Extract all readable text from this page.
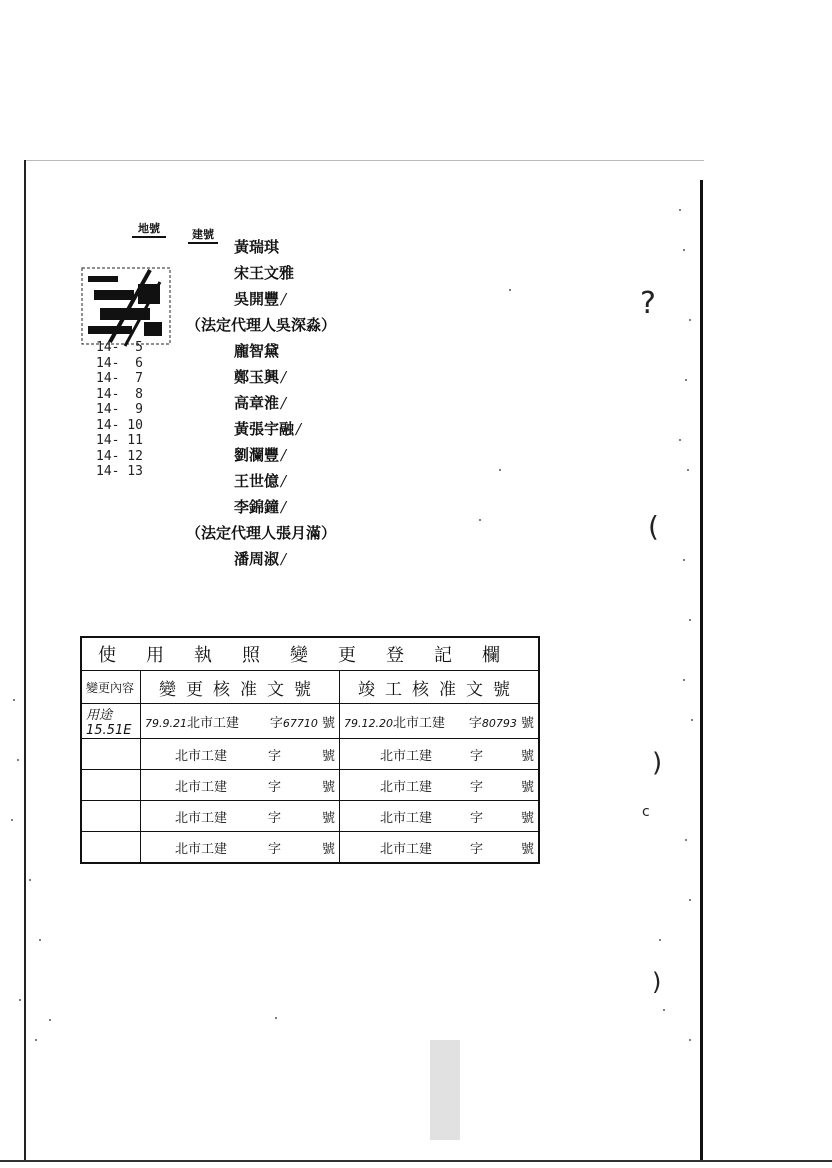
地號	建號
14-  5
14-  6
14-  7
14-  8
14-  9
14- 10
14- 11
14- 12
14- 13
黃瑞琪
宋王文雅
吳開豐 /
（法定代理人吳深淼）
龐智黛
鄭玉興 /
高章淮 /
黃張宇融 /
劉瀾豐 /
王世億 /
李錦鐘 /
（法定代理人張月滿）
潘周淑 /
使用執照變更登記欄		
變更內容	變更核准文號	竣工核准文號
用途 15.51E	79.9.21北市工建 字67710 號	79.12.20北市工建 字80793 號

	北市工建 字 號	北市工建 字 號

	北市工建 字 號	北市工建 字 號

	北市工建 字 號	北市工建 字 號

	北市工建 字 號	北市工建 字 號
?
(
)
c
)
